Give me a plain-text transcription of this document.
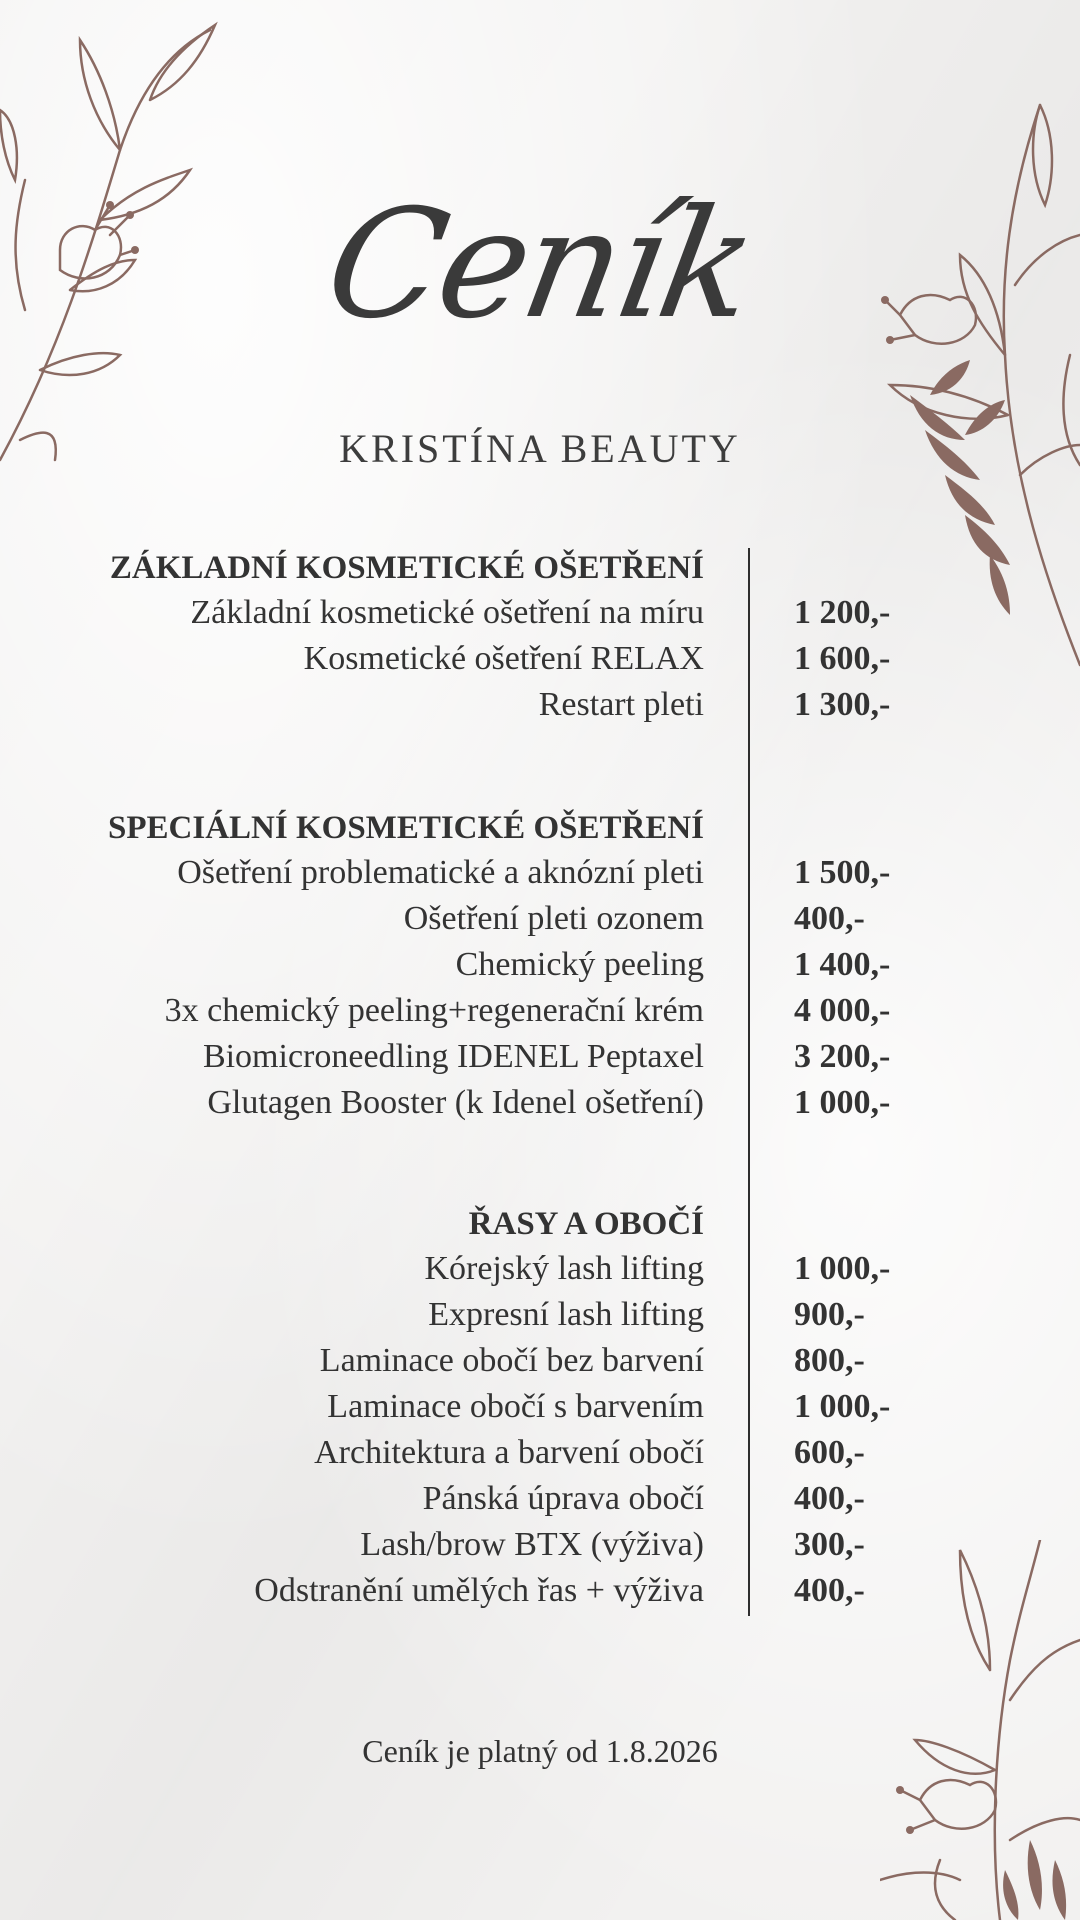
Ceník
KRISTÍNA BEAUTY
ZÁKLADNÍ KOSMETICKÉ OŠETŘENÍ
Základní kosmetické ošetření na míru	1 200,-
Kosmetické ošetření RELAX	1 600,-
Restart pleti	1 300,-
SPECIÁLNÍ KOSMETICKÉ OŠETŘENÍ
Ošetření problematické a aknózní pleti	1 500,-
Ošetření pleti ozonem	400,-
Chemický peeling	1 400,-
3x chemický peeling+regenerační krém	4 000,-
Biomicroneedling IDENEL Peptaxel	3 200,-
Glutagen Booster (k Idenel ošetření)	1 000,-
ŘASY A OBOČÍ
Kórejský lash lifting	1 000,-
Expresní lash lifting	900,-
Laminace obočí bez barvení	800,-
Laminace obočí s barvením	1 000,-
Architektura a barvení obočí	600,-
Pánská úprava obočí	400,-
Lash/brow BTX (výživa)	300,-
Odstranění umělých řas + výživa	400,-
Ceník je platný od 1.8.2026
